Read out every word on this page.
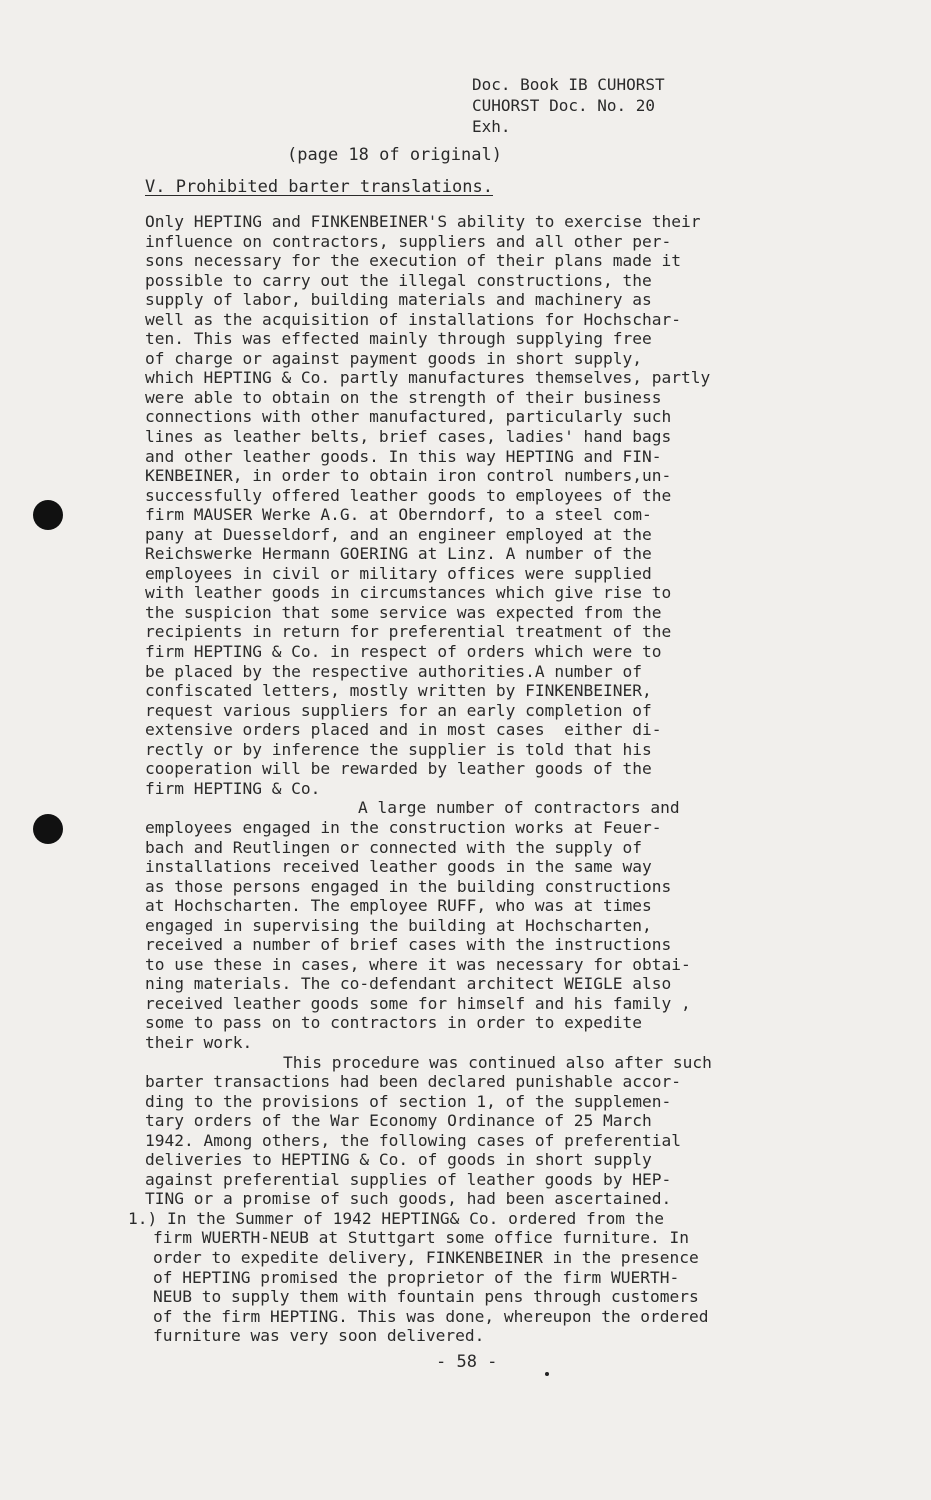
Doc. Book IB CUHORST
CUHORST Doc. No. 20
Exh.
(page 18 of original)
V. Prohibited barter translations.
Only HEPTING and FINKENBEINER'S ability to exercise their
influence on contractors, suppliers and all other per-
sons necessary for the execution of their plans made it
possible to carry out the illegal constructions, the
supply of labor, building materials and machinery as
well as the acquisition of installations for Hochschar-
ten. This was effected mainly through supplying free
of charge or against payment goods in short supply,
which HEPTING & Co. partly manufactures themselves, partly
were able to obtain on the strength of their business
connections with other manufactured, particularly such
lines as leather belts, brief cases, ladies' hand bags
and other leather goods. In this way HEPTING and FIN-
KENBEINER, in order to obtain iron control numbers,un-
successfully offered leather goods to employees of the
firm MAUSER Werke A.G. at Oberndorf, to a steel com-
pany at Duesseldorf, and an engineer employed at the
Reichswerke Hermann GOERING at Linz. A number of the
employees in civil or military offices were supplied
with leather goods in circumstances which give rise to
the suspicion that some service was expected from the
recipients in return for preferential treatment of the
firm HEPTING & Co. in respect of orders which were to
be placed by the respective authorities.A number of
confiscated letters, mostly written by FINKENBEINER,
request various suppliers for an early completion of
extensive orders placed and in most cases  either di-
rectly or by inference the supplier is told that his
cooperation will be rewarded by leather goods of the
firm HEPTING & Co.
A large number of contractors and
employees engaged in the construction works at Feuer-
bach and Reutlingen or connected with the supply of
installations received leather goods in the same way
as those persons engaged in the building constructions
at Hochscharten. The employee RUFF, who was at times
engaged in supervising the building at Hochscharten,
received a number of brief cases with the instructions
to use these in cases, where it was necessary for obtai-
ning materials. The co-defendant architect WEIGLE also
received leather goods some for himself and his family ,
some to pass on to contractors in order to expedite
their work.
This procedure was continued also after such
barter transactions had been declared punishable accor-
ding to the provisions of section 1, of the supplemen-
tary orders of the War Economy Ordinance of 25 March
1942. Among others, the following cases of preferential
deliveries to HEPTING & Co. of goods in short supply
against preferential supplies of leather goods by HEP-
TING or a promise of such goods, had been ascertained.
1.) In the Summer of 1942 HEPTING& Co. ordered from the
firm WUERTH-NEUB at Stuttgart some office furniture. In
order to expedite delivery, FINKENBEINER in the presence
of HEPTING promised the proprietor of the firm WUERTH-
NEUB to supply them with fountain pens through customers
of the firm HEPTING. This was done, whereupon the ordered
furniture was very soon delivered.
- 58 -
